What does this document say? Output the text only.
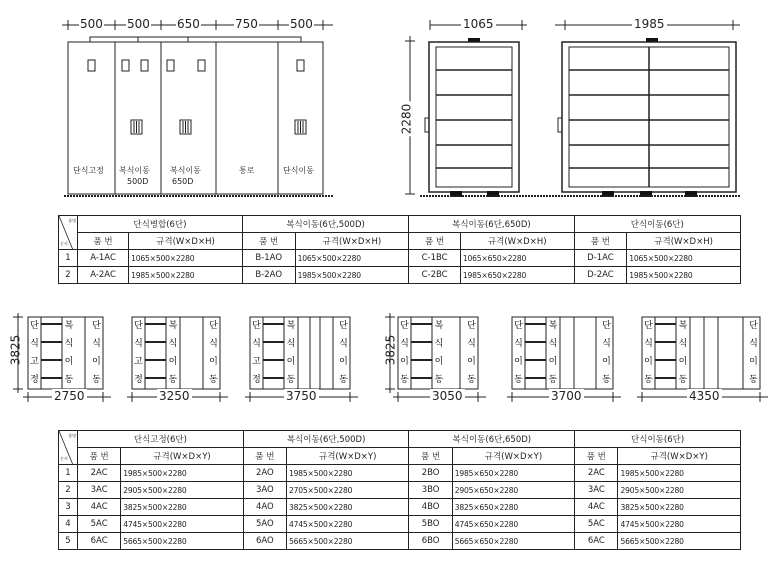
500 500 650	750	500
단식고정 복식이동
500D
복식이동
650D
통로	단식이동
1065	1985
2280
품명
순서	단식병합(6단)		복식이동(6단,500D)		복식이동(6단,650D)		단식이동(6단)	
	품 번	규격(W×D×H)	품 번	규격(W×D×H)	품 번	규격(W×D×H)	품 번	규격(W×D×H)
1	A-1AC	1065×500×2280	B-1AO	1065×500×2280	C-1BC	1065×650×2280	D-1AC	1065×500×2280
2	A-2AC	1985×500×2280	B-2AO	1985×500×2280	C-2BC	1985×650×2280	D-2AC	1985×500×2280
단
식
고
정
복
식
이
동
단
식
이
동
단
식
고
정
복
식
이
동
단
식
이
동
단
식
고
정
복
식
이
동
단
식
이
동
단
식
이
동
복
식
이
동
단
식
이
동
단
식
이
동
복
식
이
동
단
식
이
동
단
식
이
동
복
식
이
동
단
식
이
동
3825	3825
2750	3250	3750	3050	3700	4350
품명
순서	단식고정(6단)		복식이동(6단,500D)		복식이동(6단,650D)		단식이동(6단)	
	품 번	규격(W×D×Y)	품 번	규격(W×D×Y)	품 번	규격(W×D×Y)	품 번	규격(W×D×Y)
1	2AC	1985×500×2280	2AO	1985×500×2280	2BO	1985×650×2280	2AC	1985×500×2280
2	3AC	2905×500×2280	3AO	2705×500×2280	3BO	2905×650×2280	3AC	2905×500×2280
3	4AC	3825×500×2280	4AO	3825×500×2280	4BO	3825×650×2280	4AC	3825×500×2280
4	5AC	4745×500×2280	5AO	4745×500×2280	5BO	4745×650×2280	5AC	4745×500×2280
5	6AC	5665×500×2280	6AO	5665×500×2280	6BO	5665×650×2280	6AC	5665×500×2280
